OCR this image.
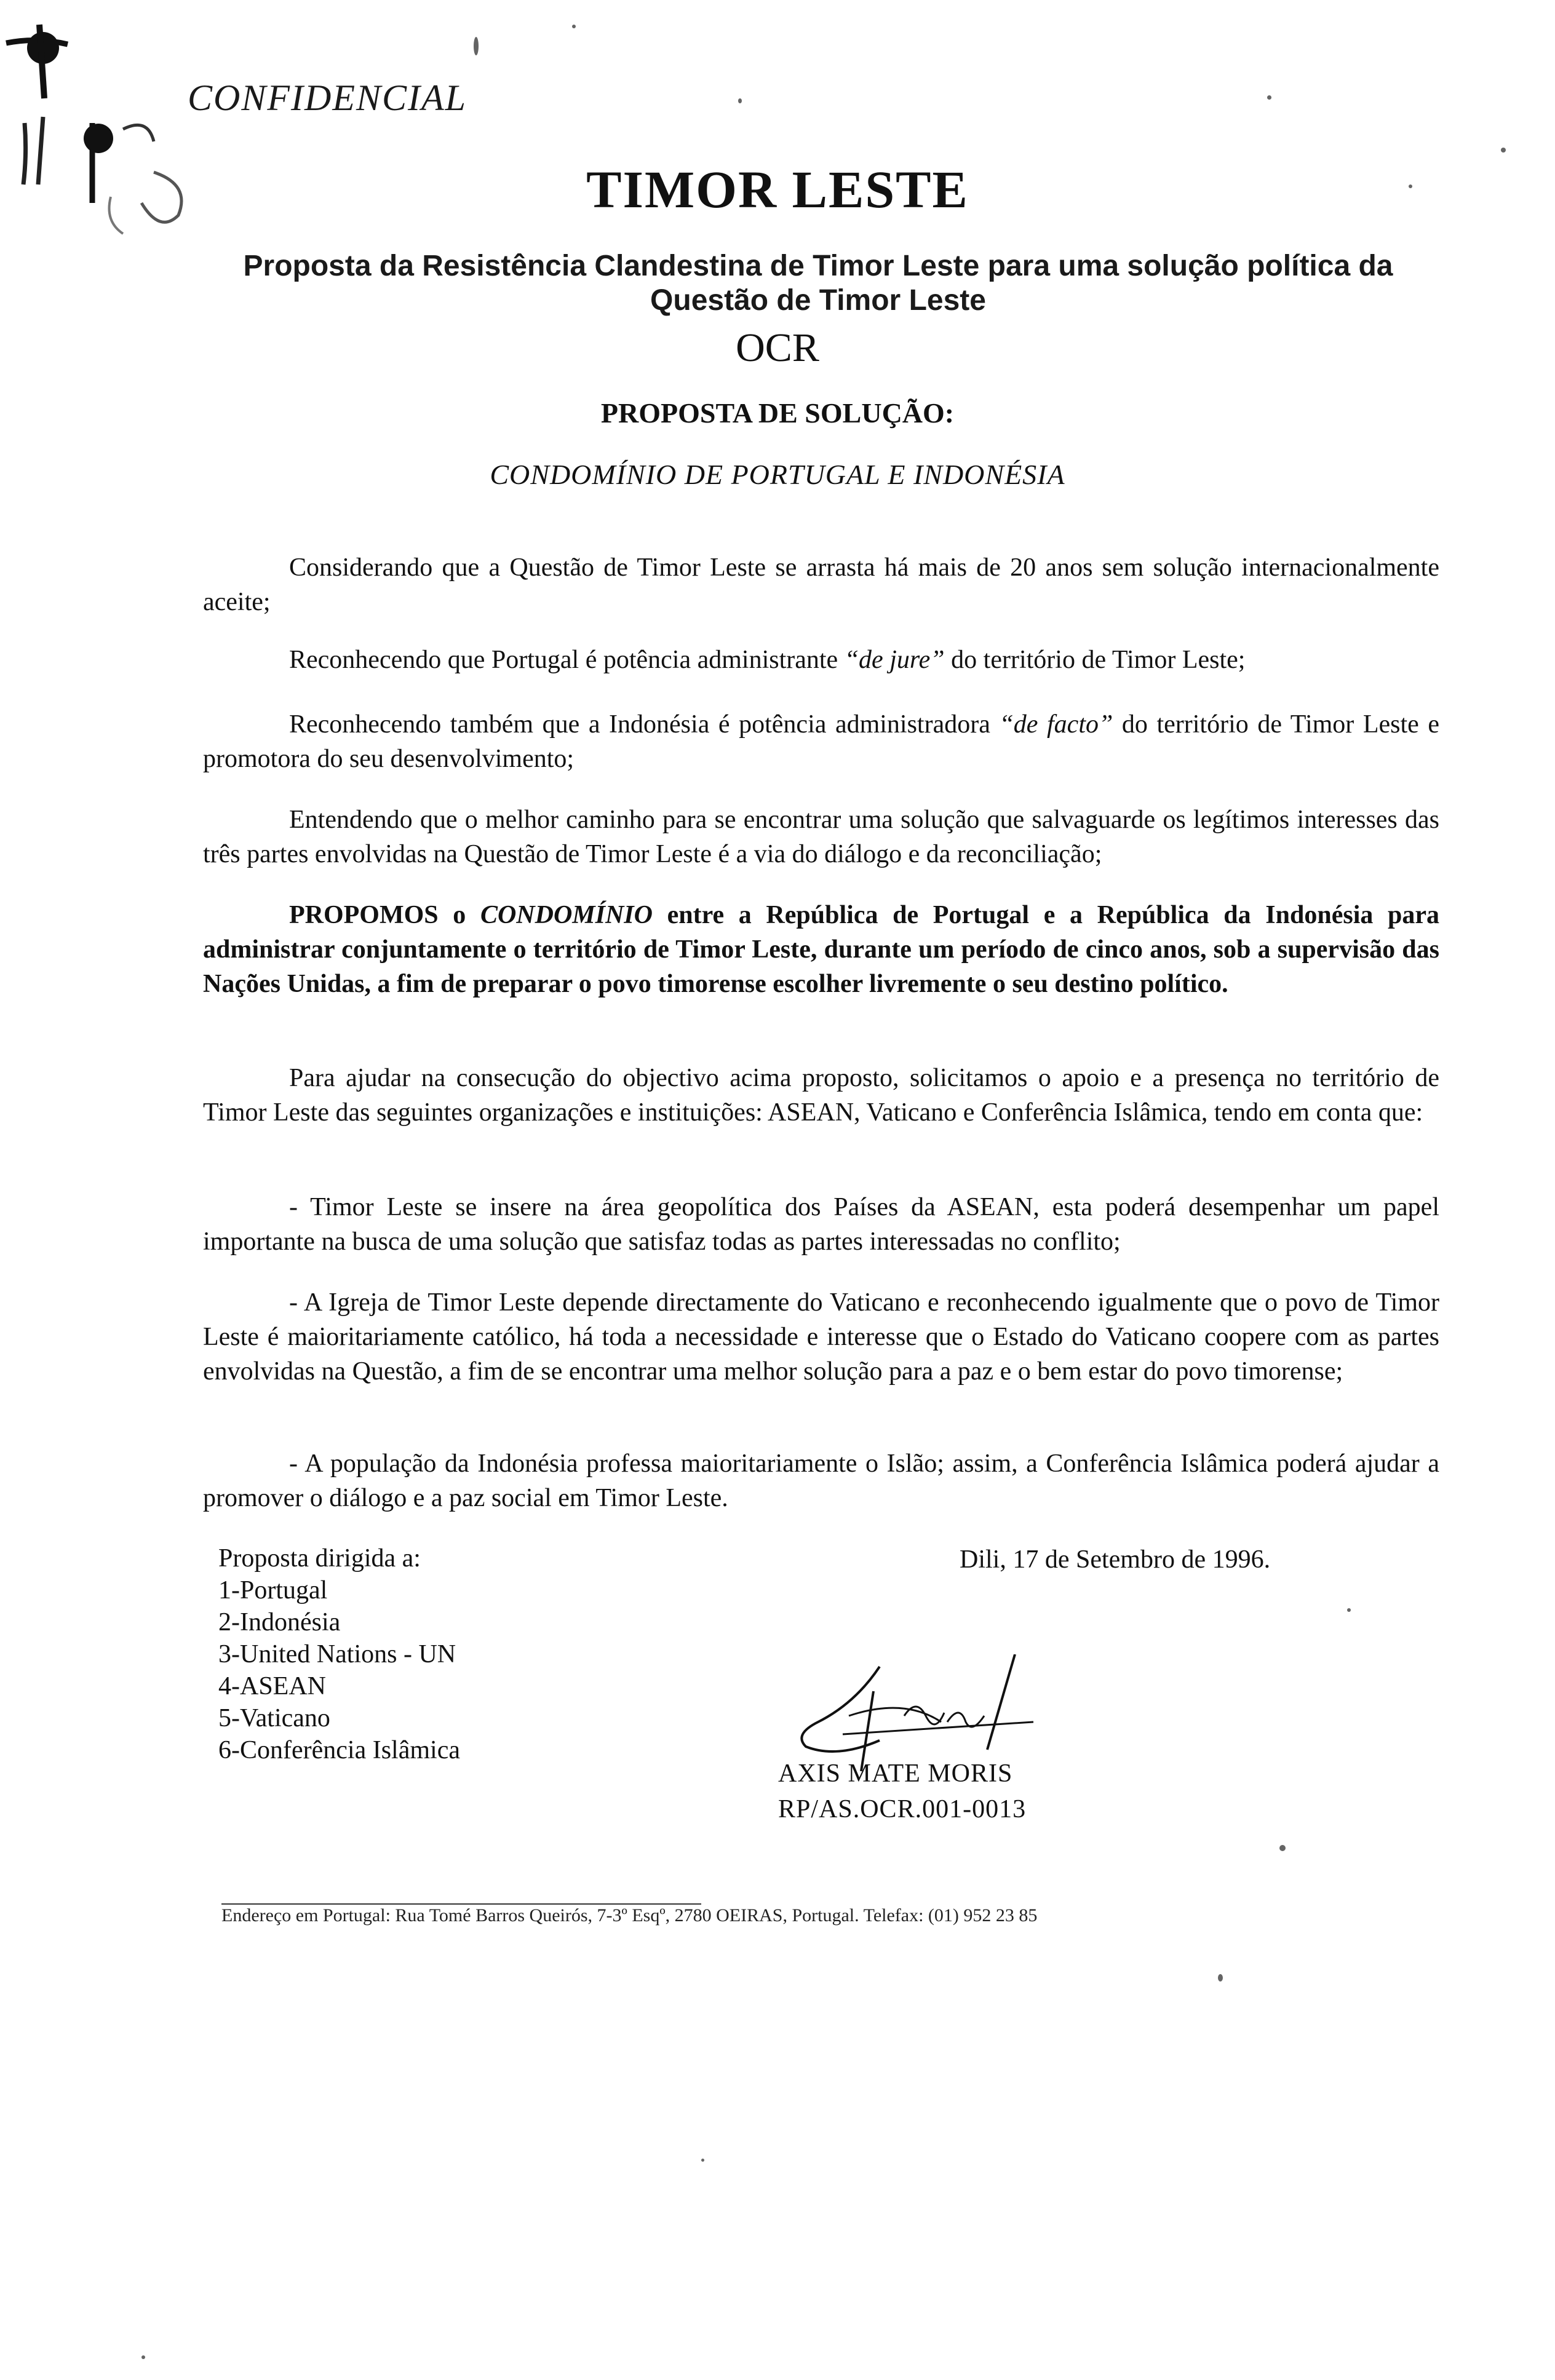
CONFIDENCIAL
TIMOR LESTE
Proposta da Resistência Clandestina de Timor Leste para uma solução política da Questão de Timor Leste
OCR
PROPOSTA DE SOLUÇÃO:
CONDOMÍNIO DE PORTUGAL E INDONÉSIA
Considerando que a Questão de Timor Leste se arrasta há mais de 20 anos sem solução internacionalmente aceite;
Reconhecendo que Portugal é potência administrante “de jure” do território de Timor Leste;
Reconhecendo também que a Indonésia é potência administradora “de facto” do território de Timor Leste e promotora do seu desenvolvimento;
Entendendo que o melhor caminho para se encontrar uma solução que salvaguarde os legítimos interesses das três partes envolvidas na Questão de Timor Leste é a via do diálogo e da reconciliação;
PROPOMOS o CONDOMÍNIO entre a República de Portugal e a República da Indonésia para administrar conjuntamente o território de Timor Leste, durante um período de cinco anos, sob a supervisão das Nações Unidas, a fim de preparar o povo timorense escolher livremente o seu destino político.
Para ajudar na consecução do objectivo acima proposto, solicitamos o apoio e a presença no território de Timor Leste das seguintes organizações e instituições: ASEAN, Vaticano e Conferência Islâmica, tendo em conta que:
- Timor Leste se insere na área geopolítica dos Países da ASEAN, esta poderá desempenhar um papel importante na busca de uma solução que satisfaz todas as partes interessadas no conflito;
- A Igreja de Timor Leste depende directamente do Vaticano e reconhecendo igualmente que o povo de Timor Leste é maioritariamente católico, há toda a necessidade e interesse que o Estado do Vaticano coopere com as partes envolvidas na Questão, a fim de se encontrar uma melhor solução para a paz e o bem estar do povo timorense;
- A população da Indonésia professa maioritariamente o Islão; assim, a Conferência Islâmica poderá ajudar a promover o diálogo e a paz social em Timor Leste.
Proposta dirigida a:
1-Portugal
2-Indonésia
3-United Nations - UN
4-ASEAN
5-Vaticano
6-Conferência Islâmica
Dili, 17 de Setembro de 1996.
AXIS MATE MORIS
RP/AS.OCR.001-0013
Endereço em Portugal: Rua Tomé Barros Queirós, 7-3º Esqº, 2780 OEIRAS, Portugal. Telefax: (01) 952 23 85
